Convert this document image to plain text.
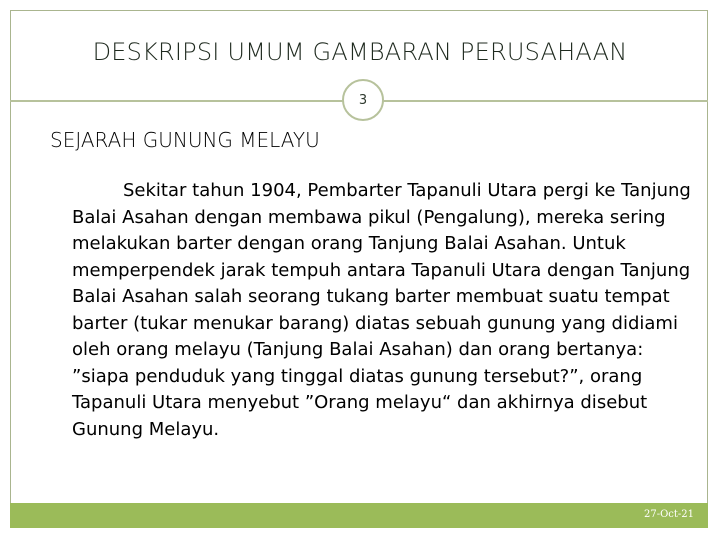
DESKRIPSI UMUM GAMBARAN PERUSAHAAN
3
SEJARAH GUNUNG MELAYU
Sekitar tahun 1904, Pembarter Tapanuli Utara pergi ke Tanjung Balai Asahan dengan membawa pikul (Pengalung), mereka sering melakukan barter dengan orang Tanjung Balai Asahan. Untuk memperpendek jarak tempuh antara Tapanuli Utara dengan Tanjung Balai Asahan salah seorang tukang barter membuat suatu tempat barter (tukar menukar barang) diatas sebuah gunung yang didiami oleh orang melayu (Tanjung Balai Asahan) dan orang bertanya: ”siapa penduduk yang tinggal diatas gunung tersebut?”, orang Tapanuli Utara menyebut ”Orang melayu“ dan akhirnya disebut Gunung Melayu.
27-Oct-21
